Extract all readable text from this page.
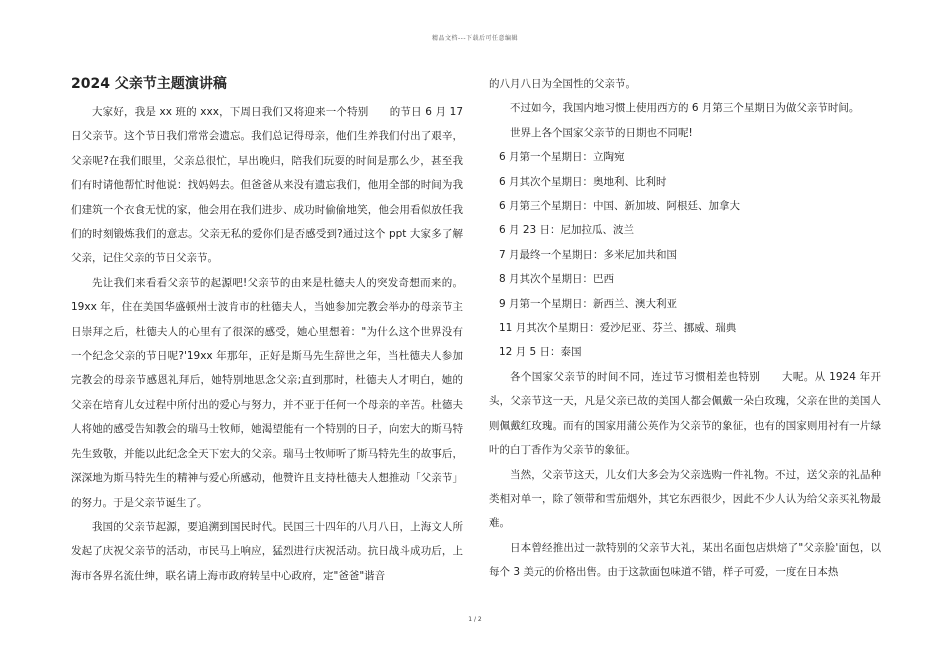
精品文档---下载后可任意编辑
2024 父亲节主题演讲稿

大家好，我是 xx 班的 xxx，下周日我们又将迎来一个特别　　的节日 6 月 17 日父亲节。这个节日我们常常会遗忘。我们总记得母亲，他们生养我们付出了艰辛，父亲呢?在我们眼里，父亲总很忙，早出晚归，陪我们玩耍的时间是那么少，甚至我们有时请他帮忙时他说：找妈妈去。但爸爸从来没有遗忘我们，他用全部的时间为我们建筑一个衣食无忧的家，他会用在我们进步、成功时偷偷地笑，他会用看似放任我们的时刻锻炼我们的意志。父亲无私的爱你们是否感受到?通过这个 ppt 大家多了解父亲，记住父亲的节日父亲节。

先让我们来看看父亲节的起源吧!父亲节的由来是杜德夫人的突发奇想而来的。19xx 年，住在美国华盛顿州士波肯市的杜德夫人，当她参加完教会举办的母亲节主日崇拜之后，杜德夫人的心里有了很深的感受，她心里想着："为什么这个世界没有一个纪念父亲的节日呢?'19xx 年那年，正好是斯马先生辞世之年，当杜德夫人参加完教会的母亲节感恩礼拜后，她特别地思念父亲;直到那时，杜德夫人才明白，她的父亲在培育儿女过程中所付出的爱心与努力，并不亚于任何一个母亲的辛苦。杜德夫人将她的感受告知教会的瑞马士牧师，她渴望能有一个特别的日子，向宏大的斯马特先生致敬，并能以此纪念全天下宏大的父亲。瑞马士牧师听了斯马特先生的故事后，深深地为斯马特先生的精神与爱心所感动，他赞许且支持杜德夫人想推动「父亲节」的努力。于是父亲节诞生了。

我国的父亲节起源，要追溯到国民时代。民国三十四年的八月八日，上海文人所发起了庆祝父亲节的活动，市民马上响应，猛烈进行庆祝活动。抗日战斗成功后，上海市各界名流仕绅，联名请上海市政府转呈中心政府，定"爸爸"谐音

的八月八日为全国性的父亲节。

不过如今，我国内地习惯上使用西方的 6 月第三个星期日为做父亲节时间。

世界上各个国家父亲节的日期也不同呢!

6 月第一个星期日：立陶宛

6 月其次个星期日：奥地利、比利时

6 月第三个星期日：中国、新加坡、阿根廷、加拿大

6 月 23 日：尼加拉瓜、波兰

7 月最终一个星期日：多米尼加共和国

8 月其次个星期日：巴西

9 月第一个星期日：新西兰、澳大利亚

11 月其次个星期日：爱沙尼亚、芬兰、挪威、瑞典

12 月 5 日：泰国

各个国家父亲节的时间不同，连过节习惯相差也特别　　大呢。从 1924 年开头，父亲节这一天，凡是父亲已故的美国人都会佩戴一朵白玫瑰，父亲在世的美国人则佩戴红玫瑰。而有的国家用蒲公英作为父亲节的象征，也有的国家则用衬有一片绿叶的白丁香作为父亲节的象征。

当然，父亲节这天，儿女们大多会为父亲选购一件礼物。不过，送父亲的礼品种类相对单一，除了领带和雪茄烟外，其它东西很少，因此不少人认为给父亲买礼物最难。

日本曾经推出过一款特别的父亲节大礼，某出名面包店烘焙了"父亲脸'面包，以每个 3 美元的价格出售。由于这款面包味道不错，样子可爱，一度在日本热

1 / 2
